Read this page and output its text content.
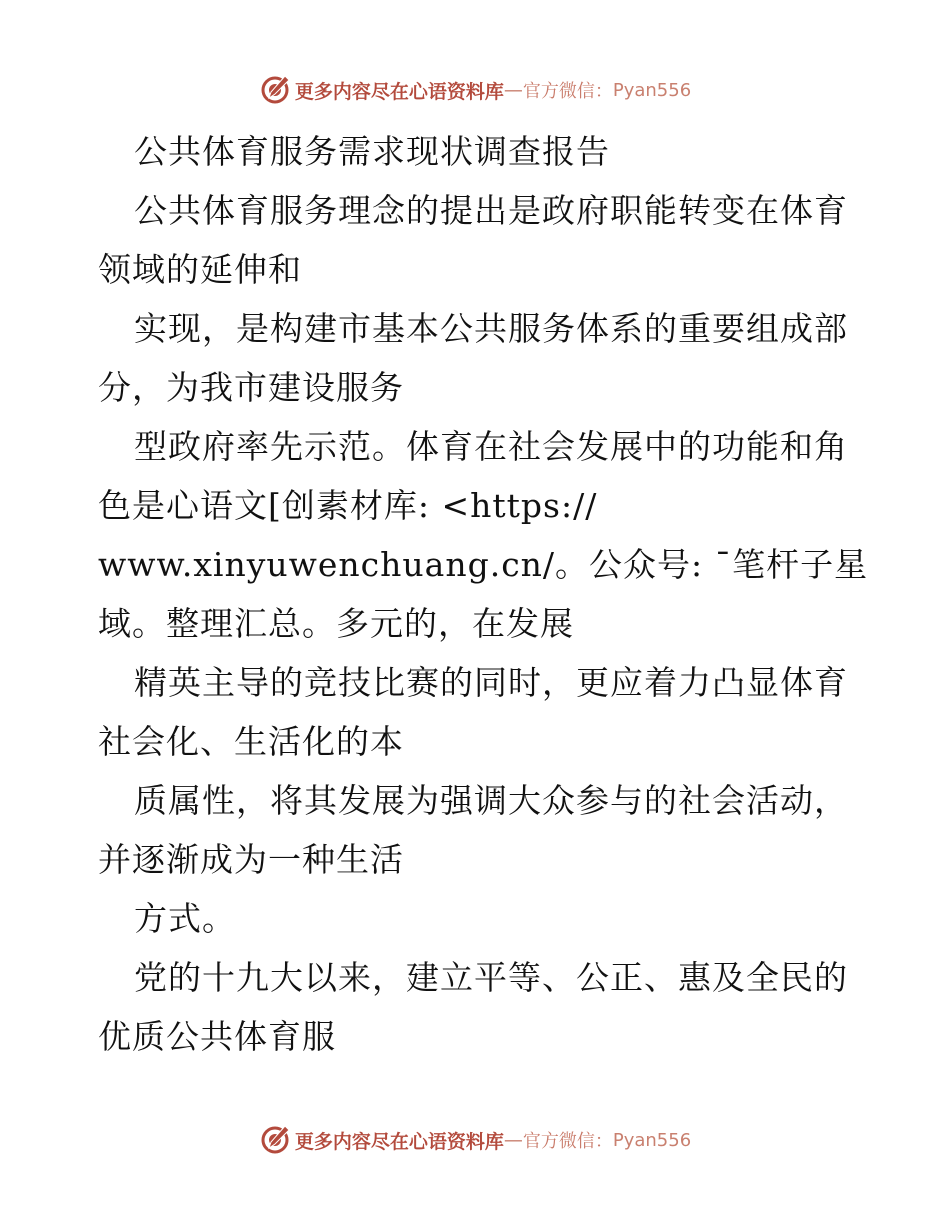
更多内容尽在心语资料库 — 官方微信： Pyan556
公共体育服务需求现状调查报告
公共体育服务理念的提出是政府职能转变在体育
领域的延伸和
实现，是构建市基本公共服务体系的重要组成部
分，为我市建设服务
型政府率先示范。体育在社会发展中的功能和角
色是心语文[创素材库: <https://
www.xinyuwenchuang.cn/。公众号: ¯笔杆子星
域。整理汇总。多元的，在发展
精英主导的竞技比赛的同时，更应着力凸显体育
社会化、生活化的本
质属性，将其发展为强调大众参与的社会活动，
并逐渐成为一种生活
方式。
党的十九大以来，建立平等、公正、惠及全民的
优质公共体育服
更多内容尽在心语资料库 — 官方微信： Pyan556
